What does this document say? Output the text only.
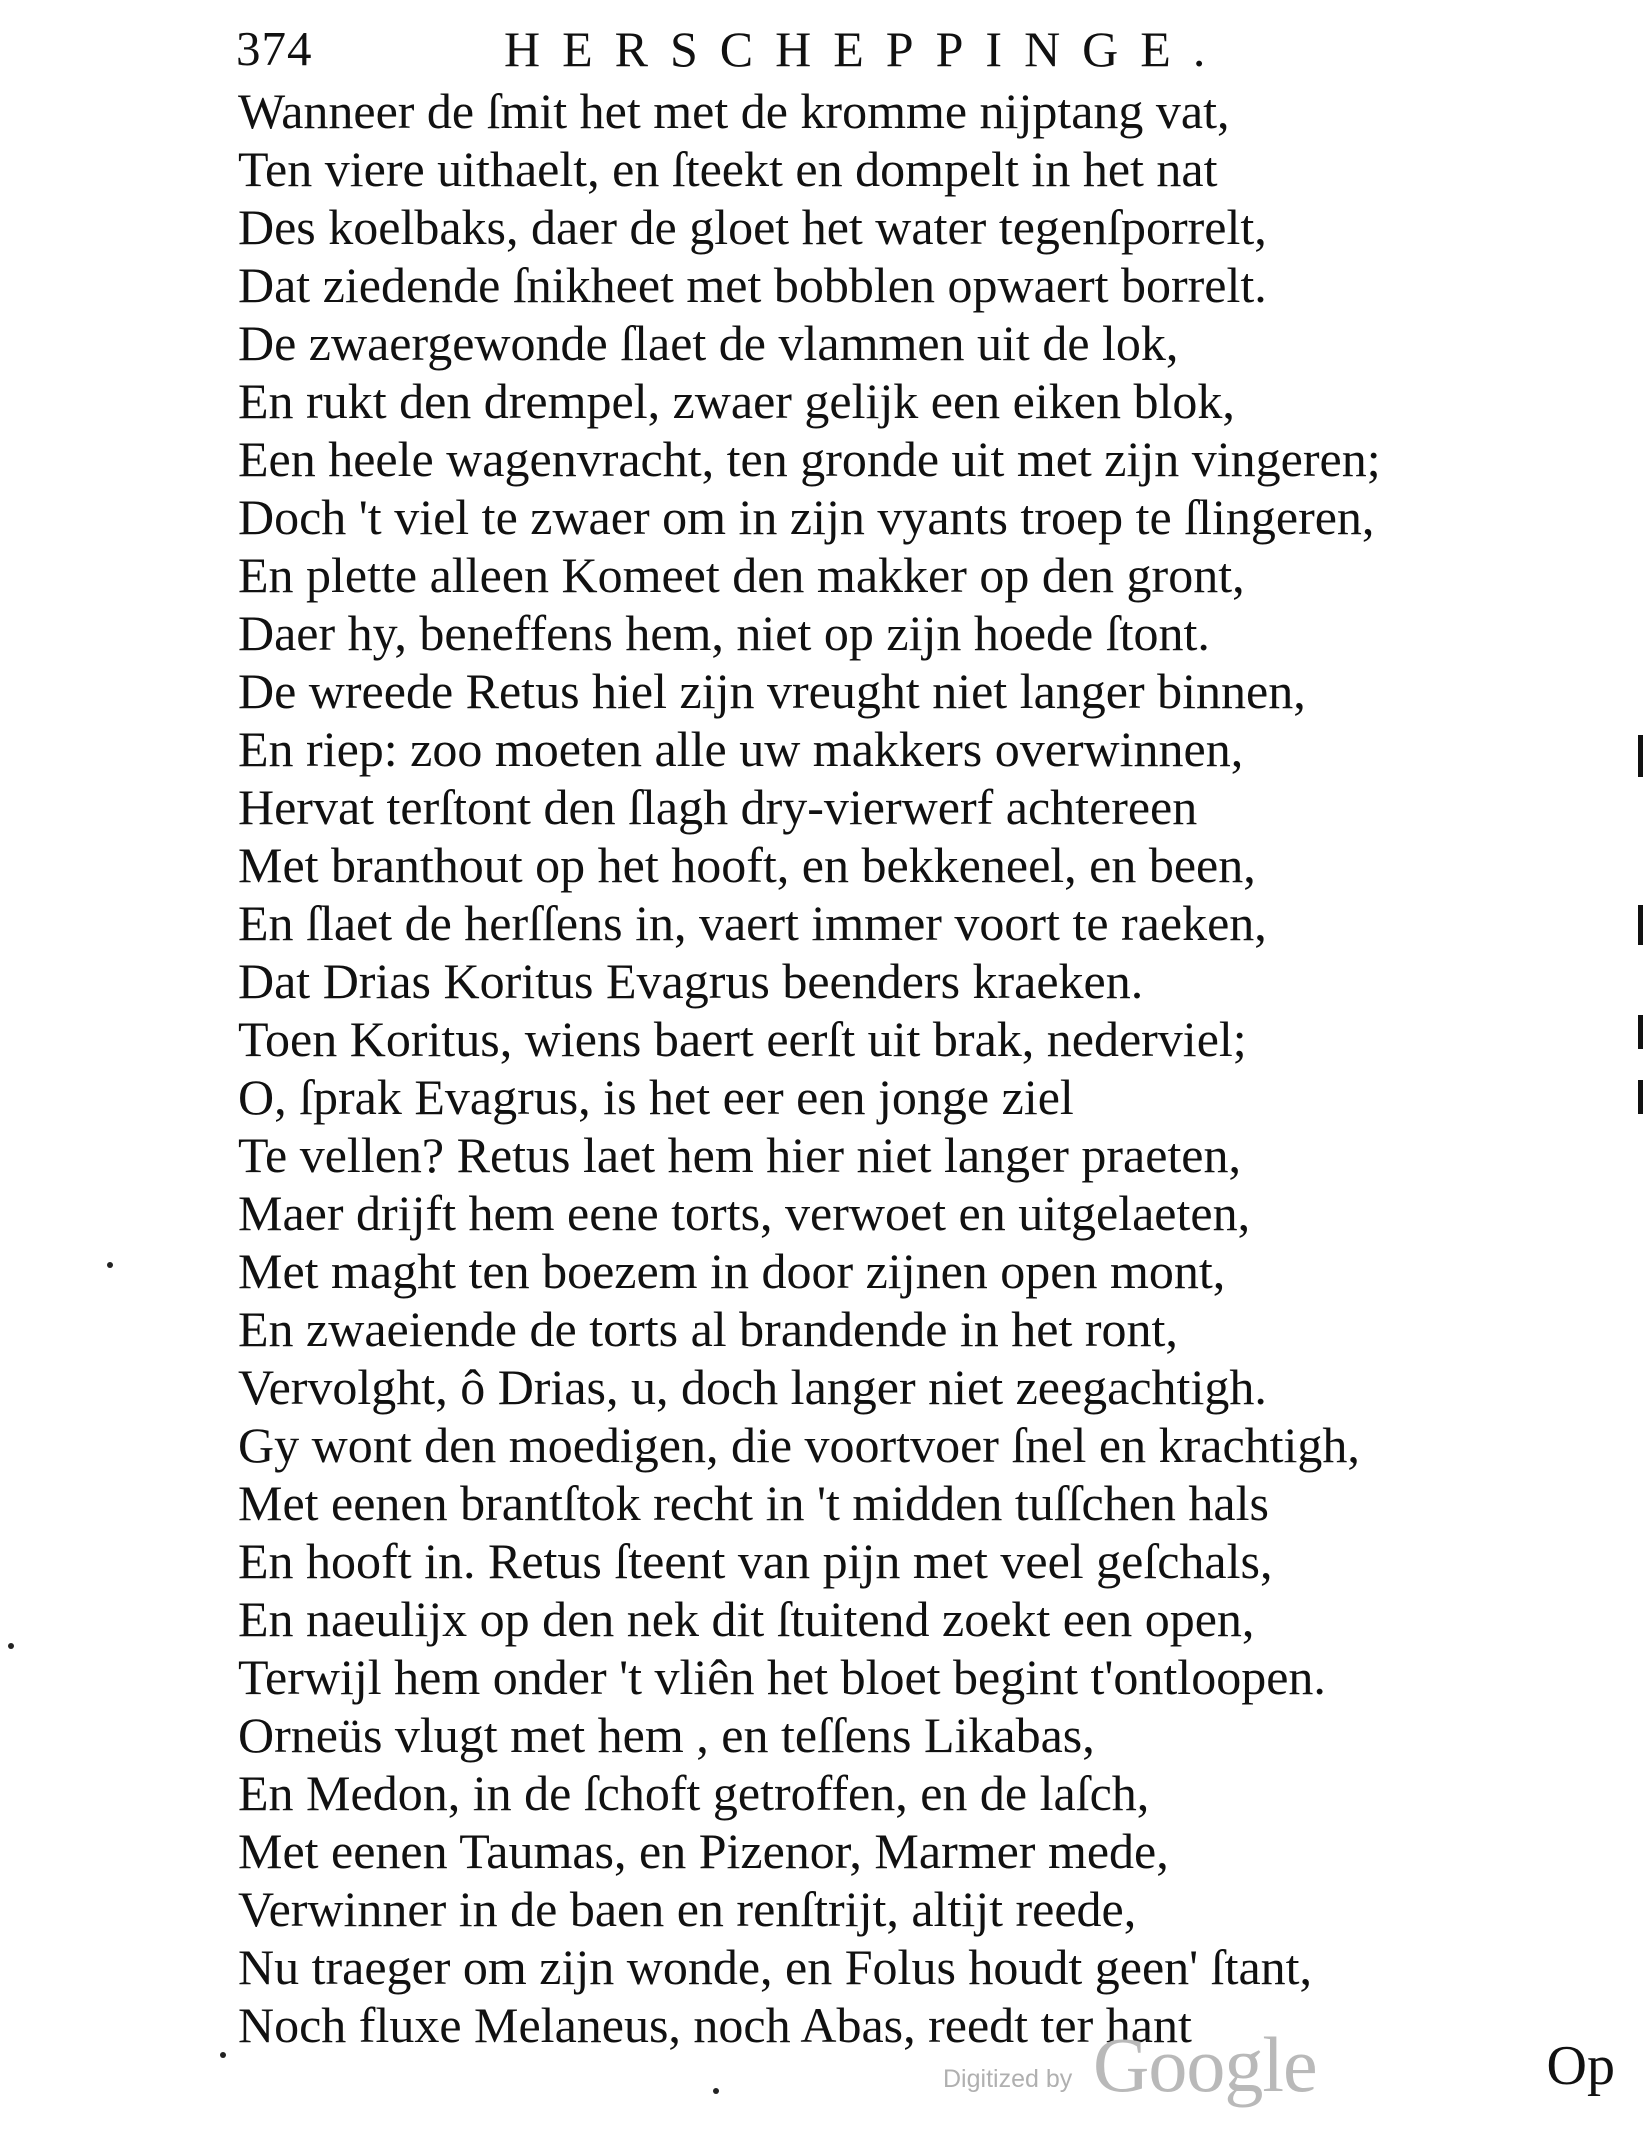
374	HERSCHEPPINGE.
Wanneer de ſmit het met de kromme nijptang vat,
Ten viere uithaelt, en ſteekt en dompelt in het nat
Des koelbaks, daer de gloet het water tegenſporrelt,
Dat ziedende ſnikheet met bobblen opwaert borrelt.
De zwaergewonde ſlaet de vlammen uit de lok,
En rukt den drempel, zwaer gelijk een eiken blok,
Een heele wagenvracht, ten gronde uit met zijn vingeren;
Doch 't viel te zwaer om in zijn vyants troep te ſlingeren,
En plette alleen Komeet den makker op den gront,
Daer hy, beneffens hem, niet op zijn hoede ſtont.
De wreede Retus hiel zijn vreught niet langer binnen,
En riep: zoo moeten alle uw makkers overwinnen,
Hervat terſtont den ſlagh dry-vierwerf achtereen
Met branthout op het hooft, en bekkeneel, en been,
En ſlaet de herſſens in, vaert immer voort te raeken,
Dat Drias Koritus Evagrus beenders kraeken.
Toen Koritus, wiens baert eerſt uit brak, nederviel;
O, ſprak Evagrus, is het eer een jonge ziel
Te vellen? Retus laet hem hier niet langer praeten,
Maer drijft hem eene torts, verwoet en uitgelaeten,
Met maght ten boezem in door zijnen open mont,
En zwaeiende de torts al brandende in het ront,
Vervolght, ô Drias, u, doch langer niet zeegachtigh.
Gy wont den moedigen, die voortvoer ſnel en krachtigh,
Met eenen brantſtok recht in 't midden tuſſchen hals
En hooft in. Retus ſteent van pijn met veel geſchals,
En naeulijx op den nek dit ſtuitend zoekt een open,
Terwijl hem onder 't vliên het bloet begint t'ontloopen.
Orneüs vlugt met hem , en teſſens Likabas,
En Medon, in de ſchoft getroffen, en de laſch,
Met eenen Taumas, en Pizenor, Marmer mede,
Verwinner in de baen en renſtrijt, altijt reede,
Nu traeger om zijn wonde, en Folus houdt geen' ſtant,
Noch fluxe Melaneus, noch Abas, reedt ter hant
Op
Digitized by Google
